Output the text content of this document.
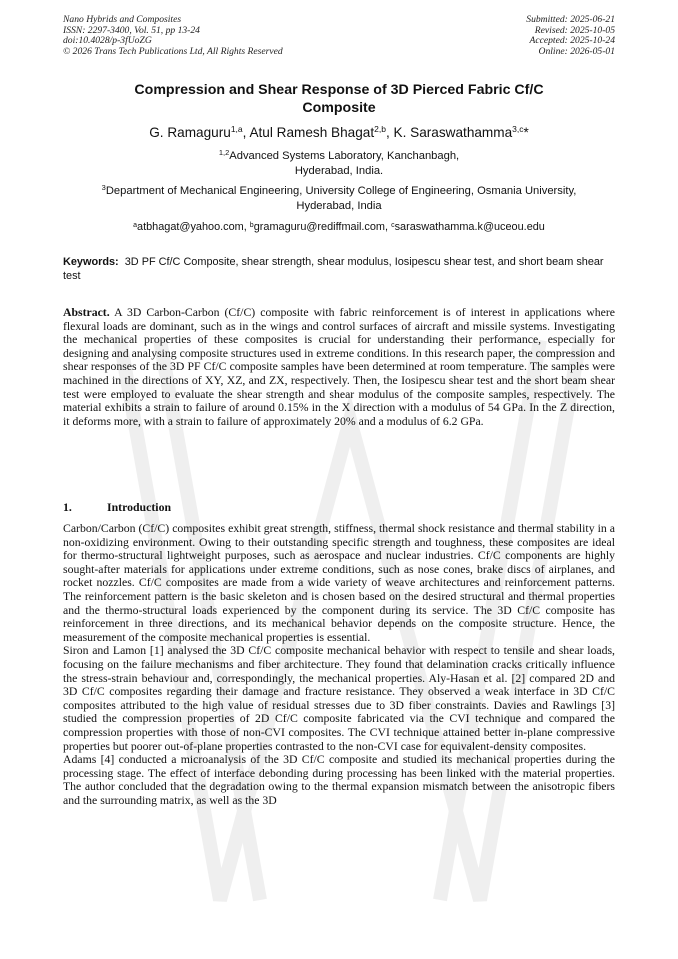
Nano Hybrids and Composites
ISSN: 2297-3400, Vol. 51, pp 13-24
doi:10.4028/p-3fUoZG
© 2026 Trans Tech Publications Ltd, All Rights Reserved
Submitted: 2025-06-21
Revised: 2025-10-05
Accepted: 2025-10-24
Online: 2026-05-01
Compression and Shear Response of 3D Pierced Fabric Cf/C
Composite
G. Ramaguru$^{1,a}$, Atul Ramesh Bhagat$^{2,b}$, K. Saraswathamma$^{3,c}$*
$^{1,2}$Advanced Systems Laboratory, Kanchanbagh,
Hyderabad, India.
$^3$Department of Mechanical Engineering, University College of Engineering, Osmania University,
Hyderabad, India
$^a$atbhagat@yahoo.com, $^b$gramaguru@rediffmail.com, $^c$saraswathamma.k@uceou.edu
Keywords: 3D PF Cf/C Composite, shear strength, shear modulus, Iosipescu shear test, and short beam shear test
Abstract. A 3D Carbon-Carbon (Cf/C) composite with fabric reinforcement is of interest in applications where flexural loads are dominant, such as in the wings and control surfaces of aircraft and missile systems. Investigating the mechanical properties of these composites is crucial for understanding their performance, especially for designing and analysing composite structures used in extreme conditions. In this research paper, the compression and shear responses of the 3D PF Cf/C composite samples have been determined at room temperature. The samples were machined in the directions of XY, XZ, and ZX, respectively. Then, the Iosipescu shear test and the short beam shear test were employed to evaluate the shear strength and shear modulus of the composite samples, respectively. The material exhibits a strain to failure of around 0.15% in the X direction with a modulus of 54 GPa. In the Z direction, it deforms more, with a strain to failure of approximately 20% and a modulus of 6.2 GPa.
1.	Introduction
Carbon/Carbon (Cf/C) composites exhibit great strength, stiffness, thermal shock resistance and thermal stability in a non-oxidizing environment. Owing to their outstanding specific strength and toughness, these composites are ideal for thermo-structural lightweight purposes, such as aerospace and nuclear industries. Cf/C components are highly sought-after materials for applications under extreme conditions, such as nose cones, brake discs of airplanes, and rocket nozzles. Cf/C composites are made from a wide variety of weave architectures and reinforcement patterns. The reinforcement pattern is the basic skeleton and is chosen based on the desired structural and thermal properties and the thermo-structural loads experienced by the component during its service. The 3D Cf/C composite has reinforcement in three directions, and its mechanical behavior depends on the composite structure. Hence, the measurement of the composite mechanical properties is essential.
Siron and Lamon [1] analysed the 3D Cf/C composite mechanical behavior with respect to tensile and shear loads, focusing on the failure mechanisms and fiber architecture. They found that delamination cracks critically influence the stress-strain behaviour and, correspondingly, the mechanical properties. Aly-Hasan et al. [2] compared 2D and 3D Cf/C composites regarding their damage and fracture resistance. They observed a weak interface in 3D Cf/C composites attributed to the high value of residual stresses due to 3D fiber constraints. Davies and Rawlings [3] studied the compression properties of 2D Cf/C composite fabricated via the CVI technique and compared the compression properties with those of non-CVI composites. The CVI technique attained better in-plane compressive properties but poorer out-of-plane properties contrasted to the non-CVI case for equivalent-density composites.
Adams [4] conducted a microanalysis of the 3D Cf/C composite and studied its mechanical properties during the processing stage. The effect of interface debonding during processing has been linked with the material properties. The author concluded that the degradation owing to the thermal expansion mismatch between the anisotropic fibers and the surrounding matrix, as well as the 3D
